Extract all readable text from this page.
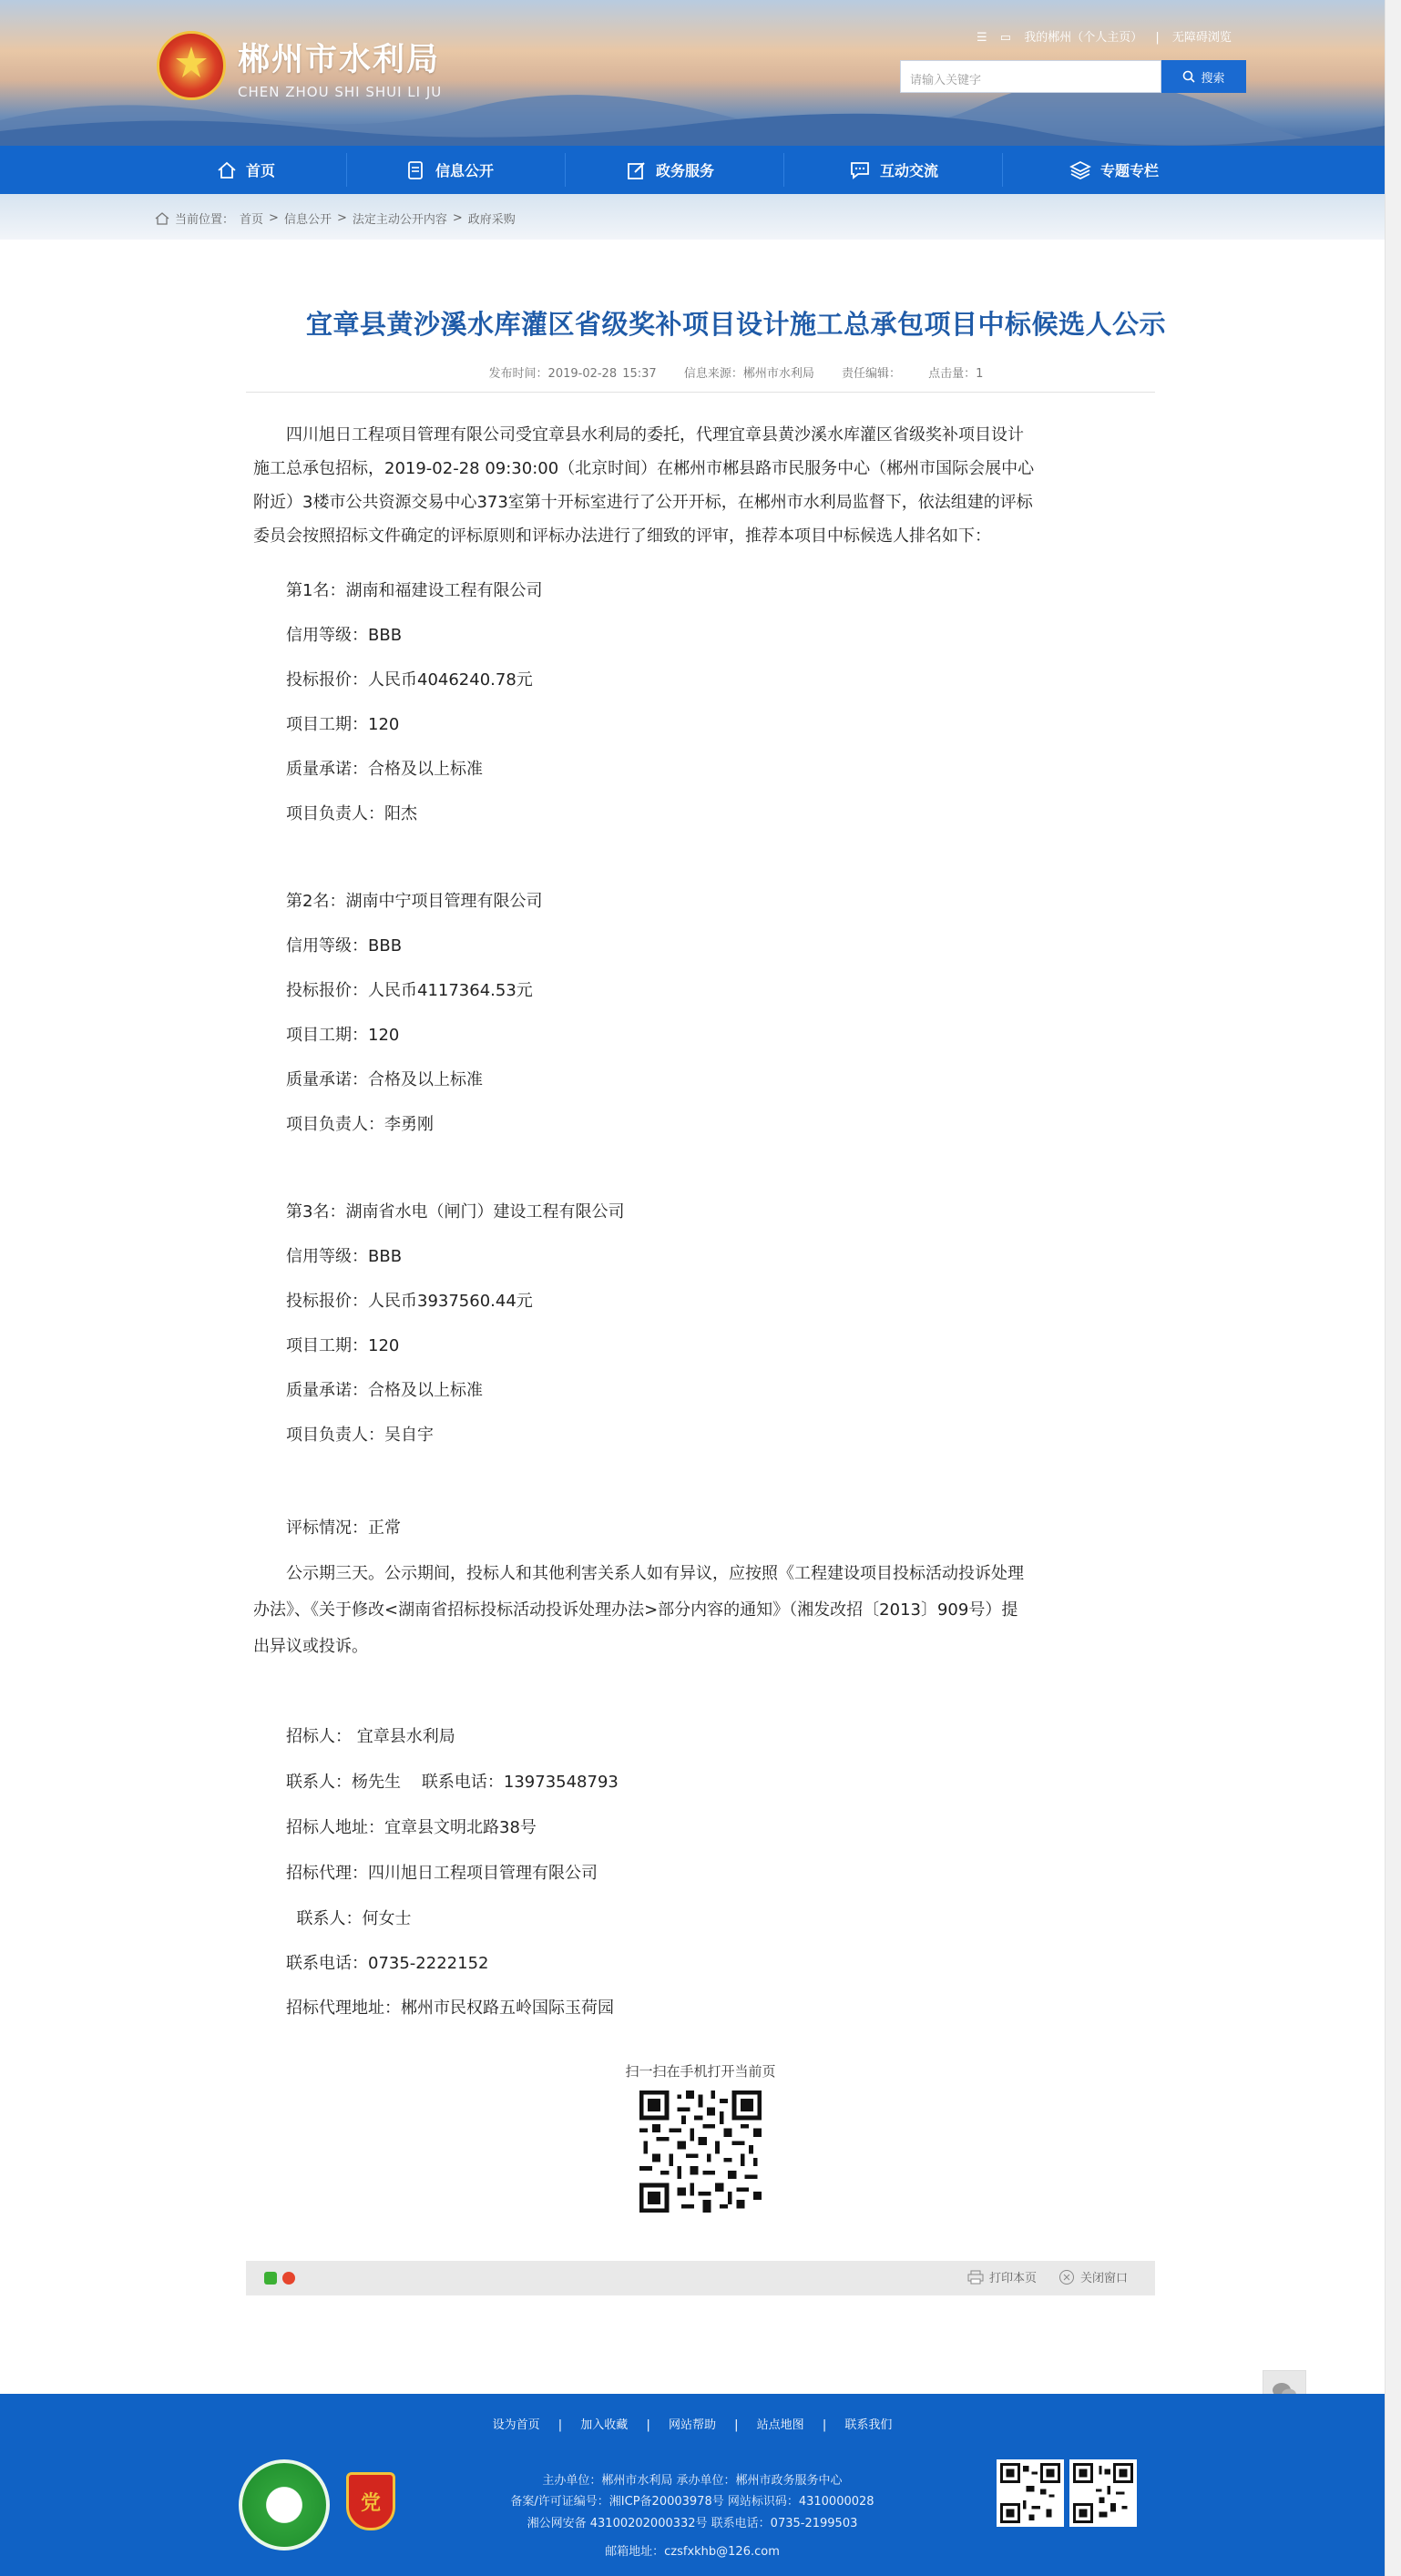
郴州市水利局
CHEN ZHOU SHI SHUI LI JU
☰ ▭ 我的郴州（个人主页） | 无障碍浏览
请输入关键字	搜索
首页	信息公开	政务服务	互动交流	专题专栏
当前位置： 首页 > 信息公开 > 法定主动公开内容 > 政府采购
宜章县黄沙溪水库灌区省级奖补项目设计施工总承包项目中标候选人公示
发布时间：2019-02-28 15:37 信息来源：郴州市水利局 责任编辑： 点击量：1
四川旭日工程项目管理有限公司受宜章县水利局的委托，代理宜章县黄沙溪水库灌区省级奖补项目设计
施工总承包招标，2019-02-28 09:30:00（北京时间）在郴州市郴县路市民服务中心（郴州市国际会展中心
附近）3楼市公共资源交易中心373室第十开标室进行了公开开标，在郴州市水利局监督下，依法组建的评标
委员会按照招标文件确定的评标原则和评标办法进行了细致的评审，推荐本项目中标候选人排名如下：
第1名：湖南和福建设工程有限公司
信用等级：BBB
投标报价：人民币4046240.78元
项目工期：120
质量承诺：合格及以上标准
项目负责人：阳杰
第2名：湖南中宁项目管理有限公司
信用等级：BBB
投标报价：人民币4117364.53元
项目工期：120
质量承诺：合格及以上标准
项目负责人：李勇刚
第3名：湖南省水电（闸门）建设工程有限公司
信用等级：BBB
投标报价：人民币3937560.44元
项目工期：120
质量承诺：合格及以上标准
项目负责人：吴自宇
评标情况：正常
公示期三天。公示期间，投标人和其他利害关系人如有异议，应按照《工程建设项目投标活动投诉处理
办法》、《关于修改<湖南省招标投标活动投诉处理办法>部分内容的通知》（湘发改招〔2013〕909号）提
出异议或投诉。
招标人： 宜章县水利局
联系人：杨先生    联系电话：13973548793
招标人地址：宜章县文明北路38号
招标代理：四川旭日工程项目管理有限公司
联系人：何女士
联系电话：0735-2222152
招标代理地址：郴州市民权路五岭国际玉荷园
扫一扫在手机打开当前页
打印本页	关闭窗口
设为首页 | 加入收藏 | 网站帮助 | 站点地图 | 联系我们
党
主办单位：郴州市水利局 承办单位：郴州市政务服务中心
备案/许可证编号：湘ICP备20003978号 网站标识码：4310000028
湘公网安备 43100202000332号 联系电话：0735-2199503
邮箱地址：czsfxkhb@126.com
